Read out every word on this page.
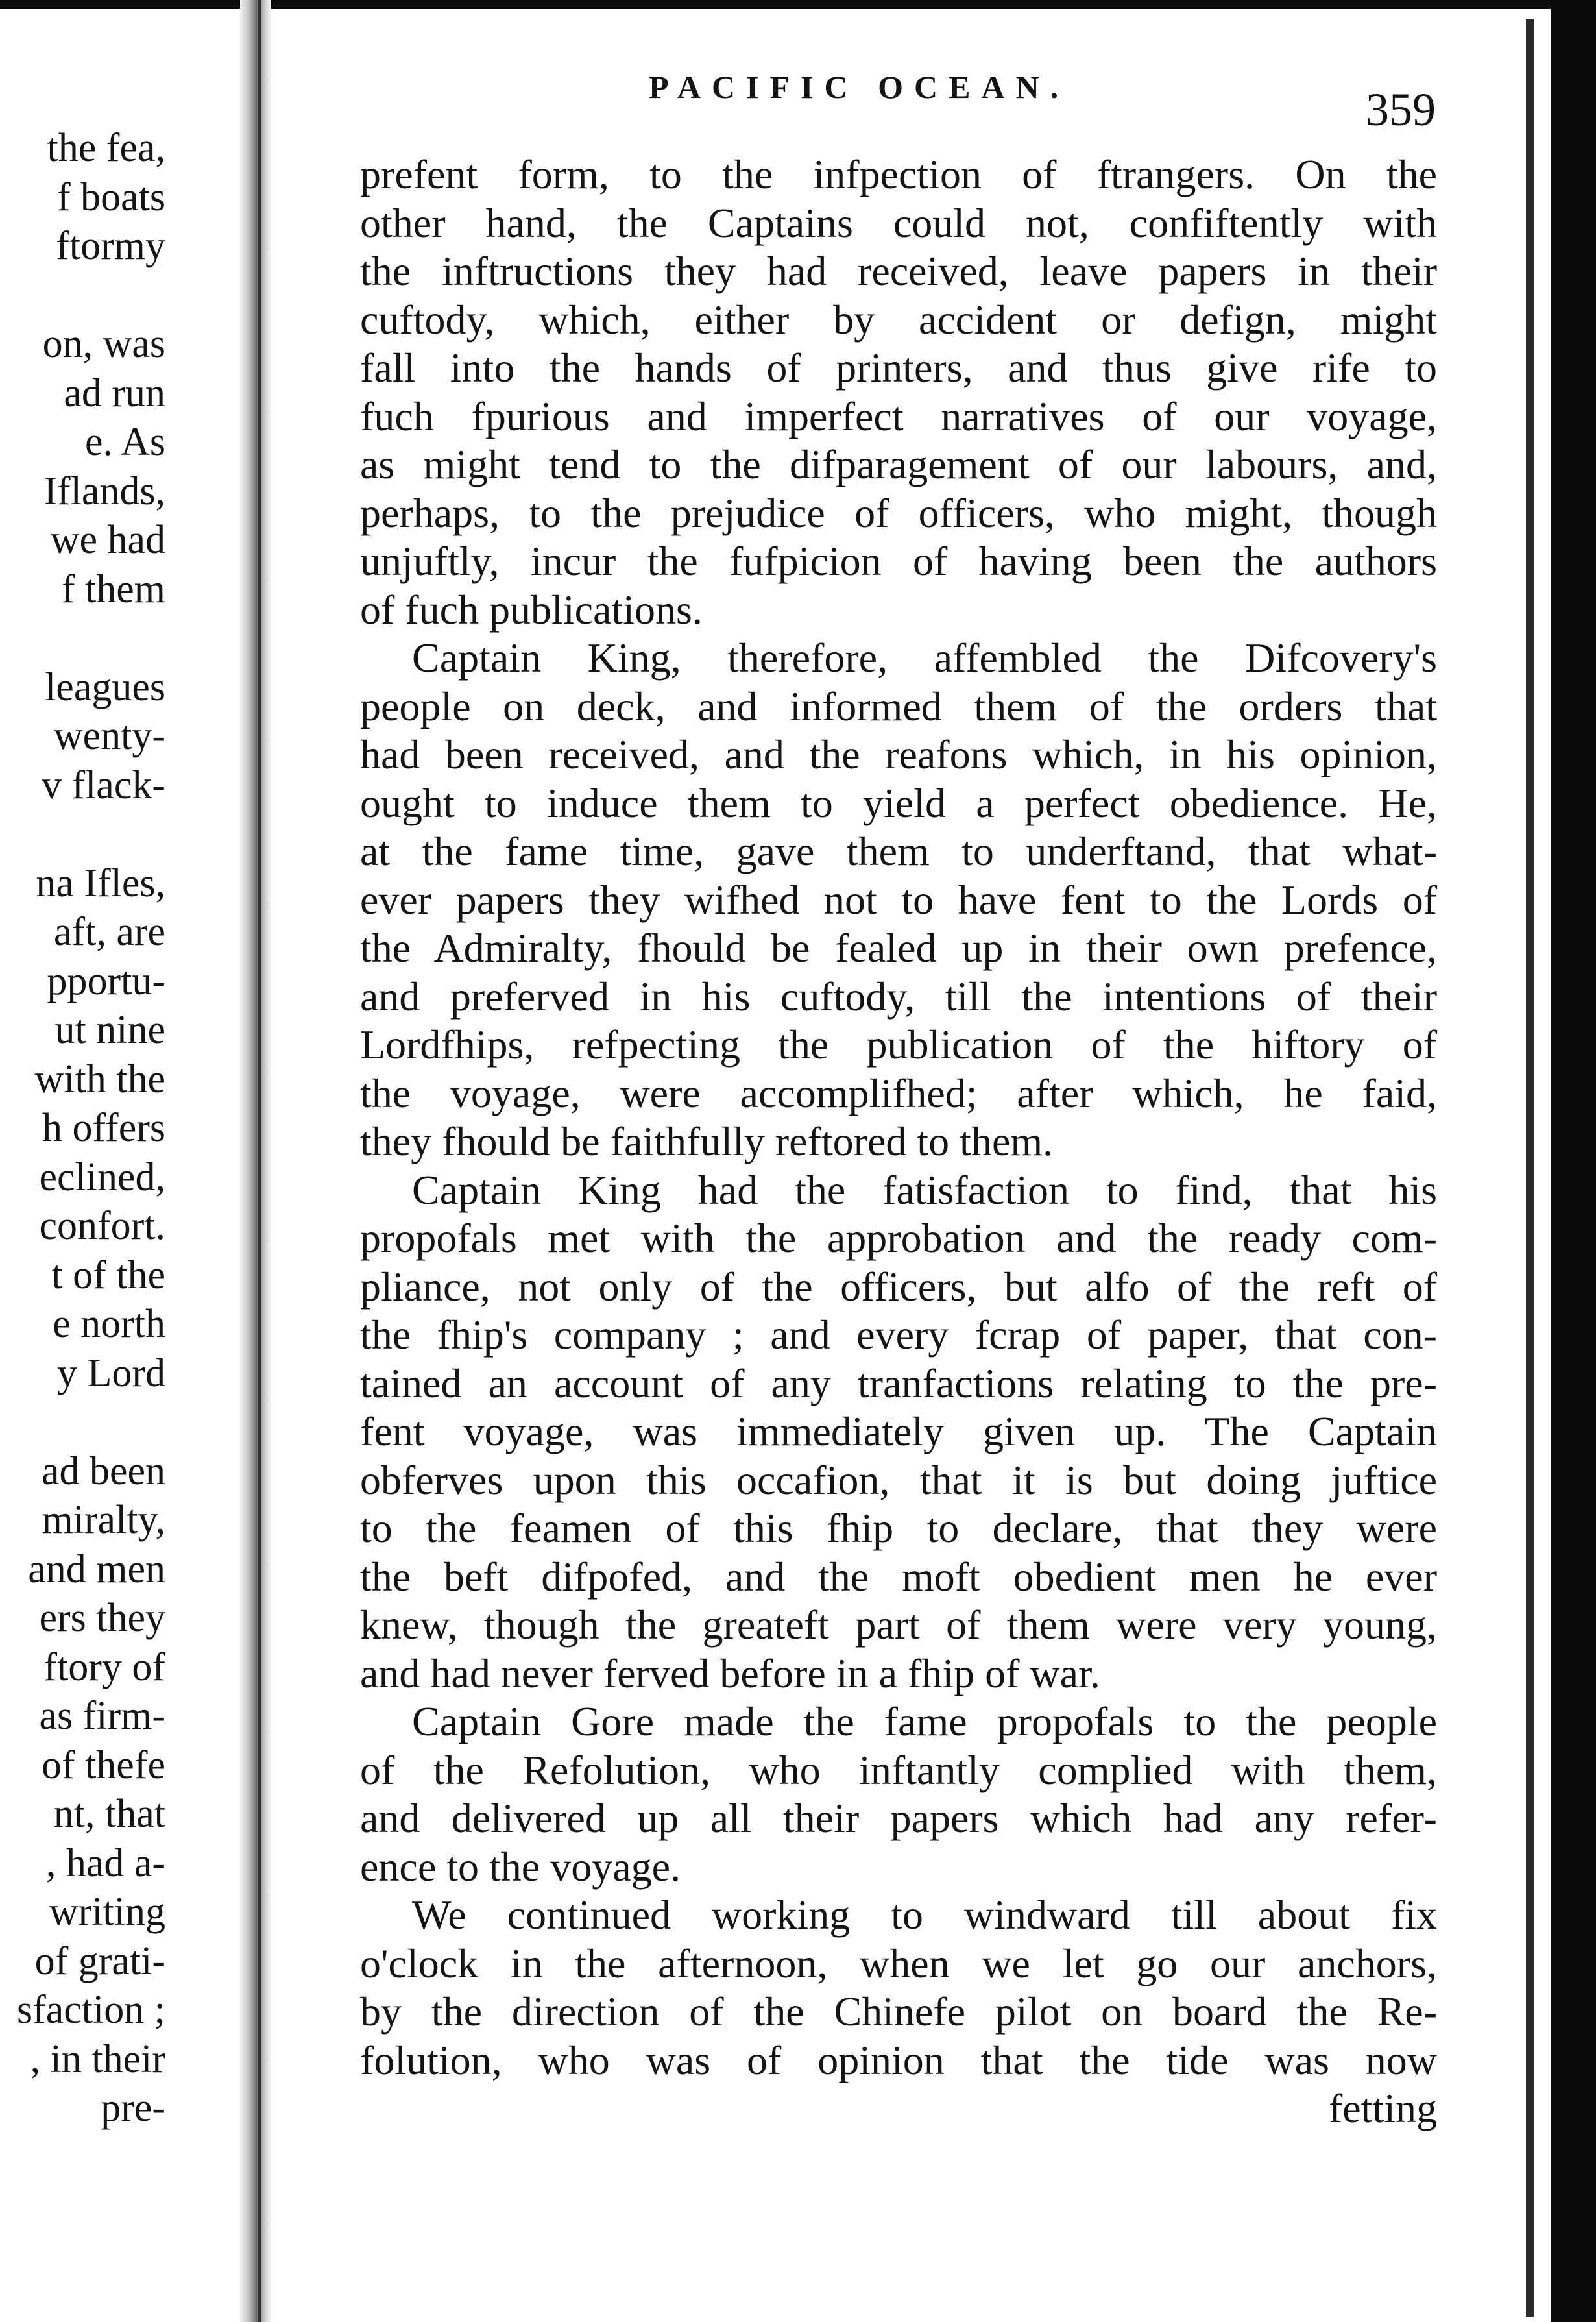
the fea,
f boats
ftormy
on, was
ad run
e. As
Iflands,
we had
f them
leagues
wenty-
v flack-
na Ifles,
aft, are
pportu-
ut nine
with the
h offers
eclined,
confort.
t of the
e north
y Lord
ad been
miralty,
and men
ers they
ftory of
as firm-
of thefe
nt, that
, had a-
writing
of grati-
sfaction ;
, in their
pre-
PACIFIC OCEAN.	359
prefent form, to the infpection of ftrangers. On the
other hand, the Captains could not, confiftently with
the inftructions they had received, leave papers in their
cuftody, which, either by accident or defign, might
fall into the hands of printers, and thus give rife to
fuch fpurious and imperfect narratives of our voyage,
as might tend to the difparagement of our labours, and,
perhaps, to the prejudice of officers, who might, though
unjuftly, incur the fufpicion of having been the authors
of fuch publications.
Captain King, therefore, affembled the Difcovery's
people on deck, and informed them of the orders that
had been received, and the reafons which, in his opinion,
ought to induce them to yield a perfect obedience. He,
at the fame time, gave them to underftand, that what-
ever papers they wifhed not to have fent to the Lords of
the Admiralty, fhould be fealed up in their own prefence,
and preferved in his cuftody, till the intentions of their
Lordfhips, refpecting the publication of the hiftory of
the voyage, were accomplifhed; after which, he faid,
they fhould be faithfully reftored to them.
Captain King had the fatisfaction to find, that his
propofals met with the approbation and the ready com-
pliance, not only of the officers, but alfo of the reft of
the fhip's company ; and every fcrap of paper, that con-
tained an account of any tranfactions relating to the pre-
fent voyage, was immediately given up. The Captain
obferves upon this occafion, that it is but doing juftice
to the feamen of this fhip to declare, that they were
the beft difpofed, and the moft obedient men he ever
knew, though the greateft part of them were very young,
and had never ferved before in a fhip of war.
Captain Gore made the fame propofals to the people
of the Refolution, who inftantly complied with them,
and delivered up all their papers which had any refer-
ence to the voyage.
We continued working to windward till about fix
o'clock in the afternoon, when we let go our anchors,
by the direction of the Chinefe pilot on board the Re-
folution, who was of opinion that the tide was now
fetting
